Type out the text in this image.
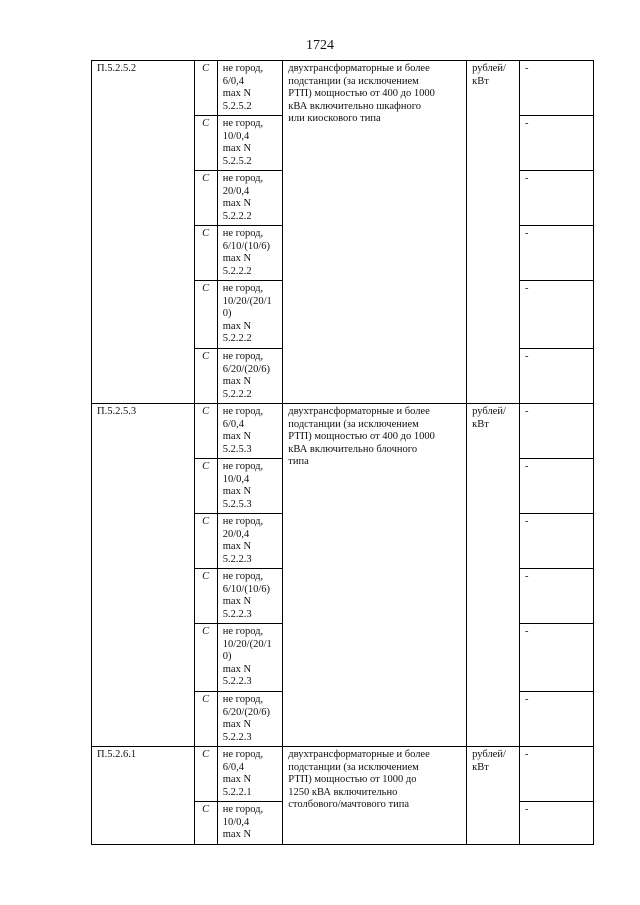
1724
П.5.2.5.2	С	не город,
6/0,4
max N
5.2.5.2	двухтрансформаторные и более
подстанции (за исключением
РТП) мощностью от 400 до 1000
кВА включительно шкафного
или киоскового типа	рублей/
кВт	-
	С	не город,
10/0,4
max N
5.2.5.2			-
	С	не город,
20/0,4
max N
5.2.2.2			-
	С	не город,
6/10/(10/6)
max N
5.2.2.2			-
	С	не город,
10/20/(20/1
0)
max N
5.2.2.2			-
	С	не город,
6/20/(20/6)
max N
5.2.2.2			-
П.5.2.5.3	С	не город,
6/0,4
max N
5.2.5.3	двухтрансформаторные и более
подстанции (за исключением
РТП) мощностью от 400 до 1000
кВА включительно блочного
типа	рублей/
кВт	-
	С	не город,
10/0,4
max N
5.2.5.3			-
	С	не город,
20/0,4
max N
5.2.2.3			-
	С	не город,
6/10/(10/6)
max N
5.2.2.3			-
	С	не город,
10/20/(20/1
0)
max N
5.2.2.3			-
	С	не город,
6/20/(20/6)
max N
5.2.2.3			-
П.5.2.6.1	С	не город,
6/0,4
max N
5.2.2.1	двухтрансформаторные и более
подстанции (за исключением
РТП) мощностью от 1000 до
1250 кВА включительно
столбового/мачтового типа	рублей/
кВт	-
	С	не город,
10/0,4
max N			-
